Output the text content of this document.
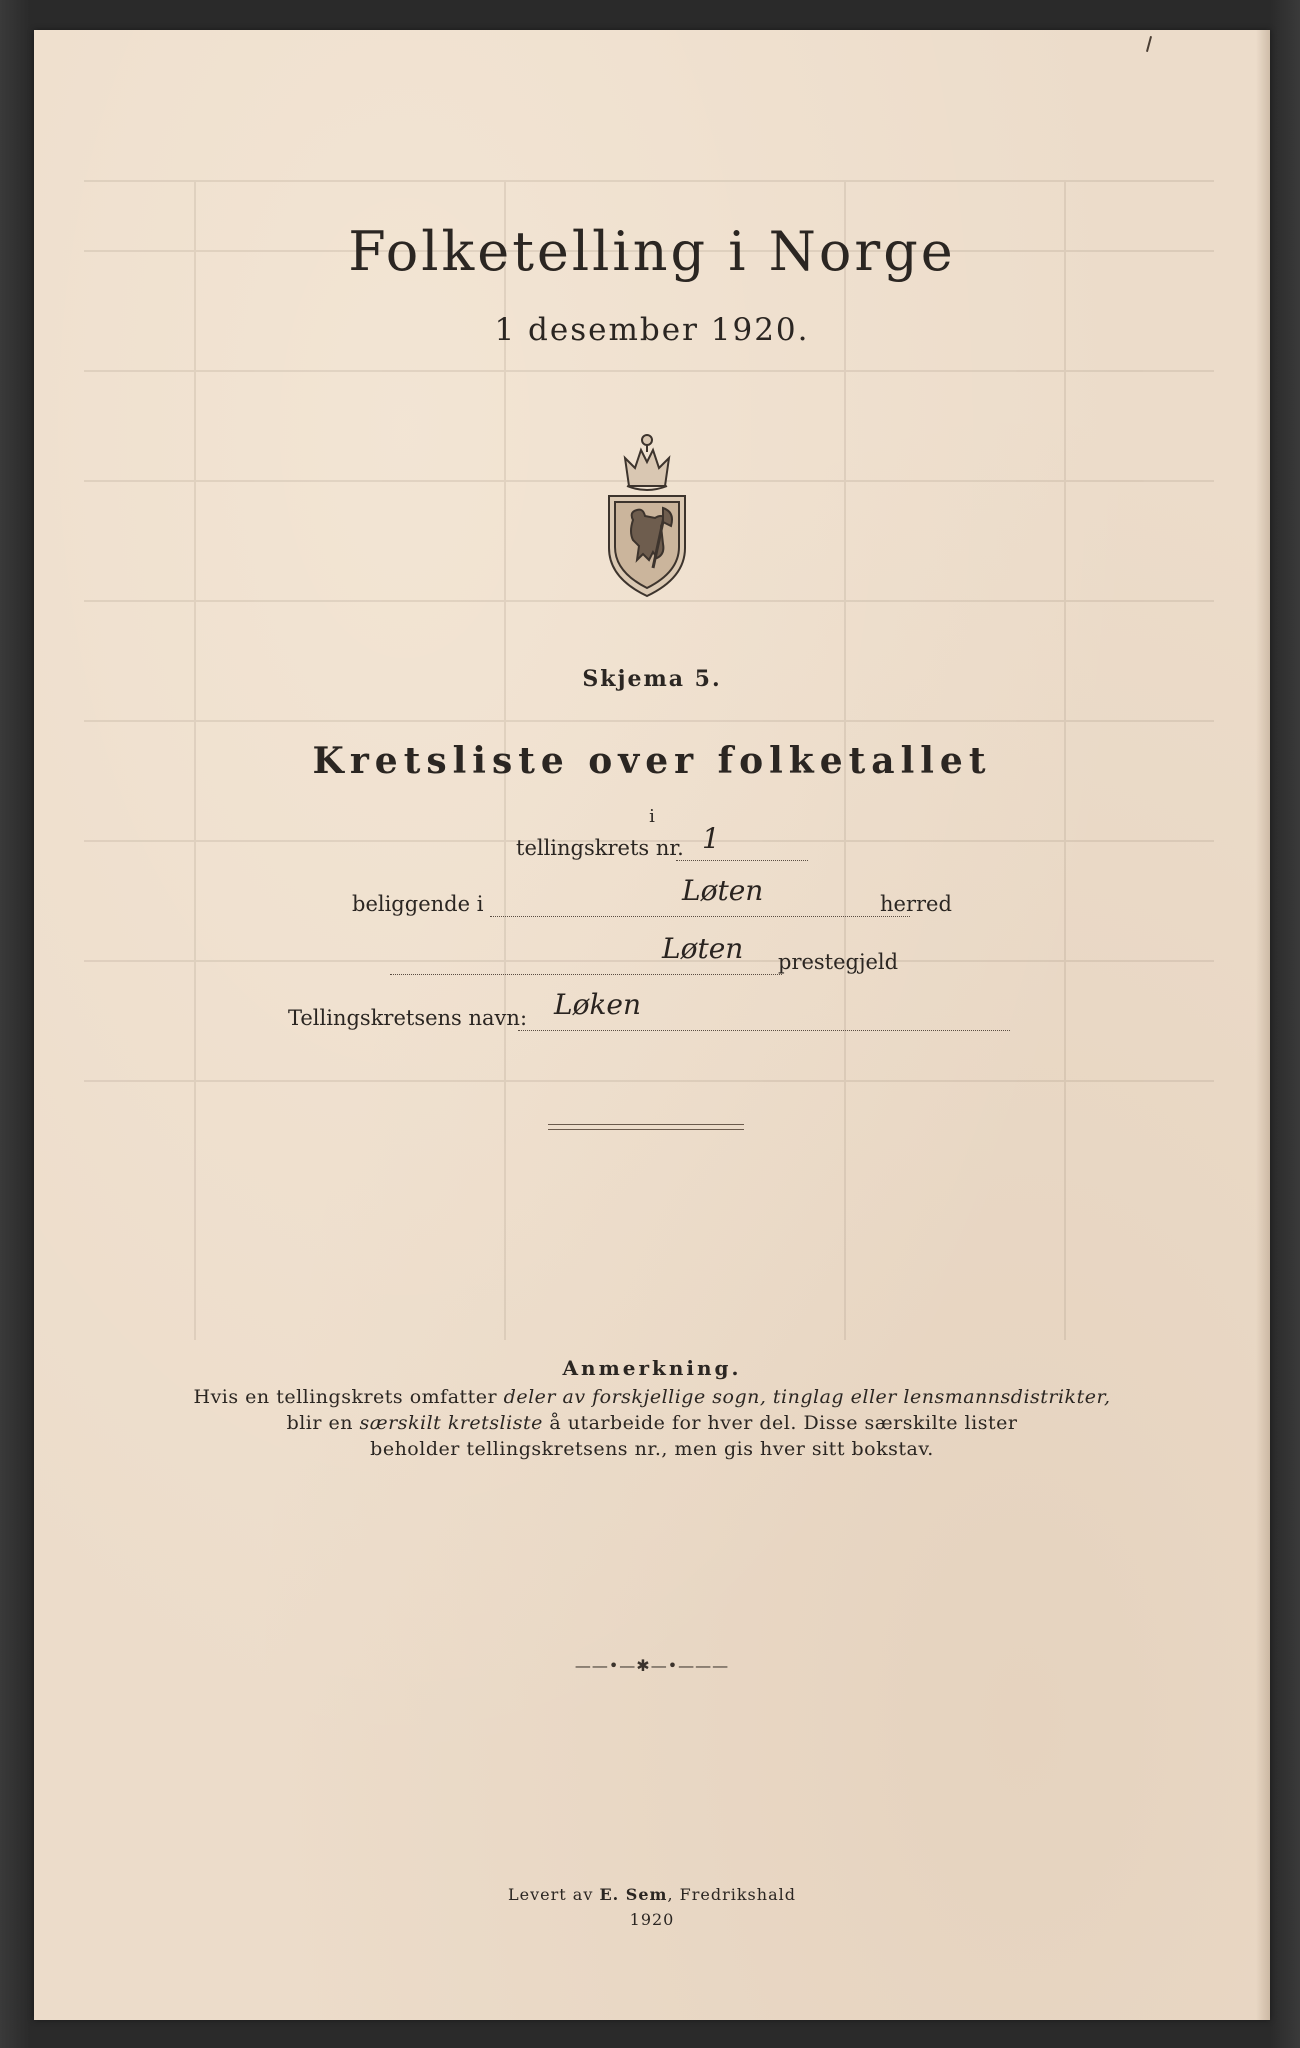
Folketelling i Norge
1 desember 1920.
Skjema 5.
Kretsliste over folketallet
i
tellingskrets nr. 1
beliggende i	Løten	herred
Løten prestegjeld
Tellingskretsens navn: Løken
Anmerkning.
Hvis en tellingskrets omfatter deler av forskjellige sogn, tinglag eller lensmannsdistrikter,
blir en særskilt kretsliste å utarbeide for hver del. Disse særskilte lister
beholder tellingskretsens nr., men gis hver sitt bokstav.
——•—✱—•———
Levert av E. Sem, Fredrikshald
1920
